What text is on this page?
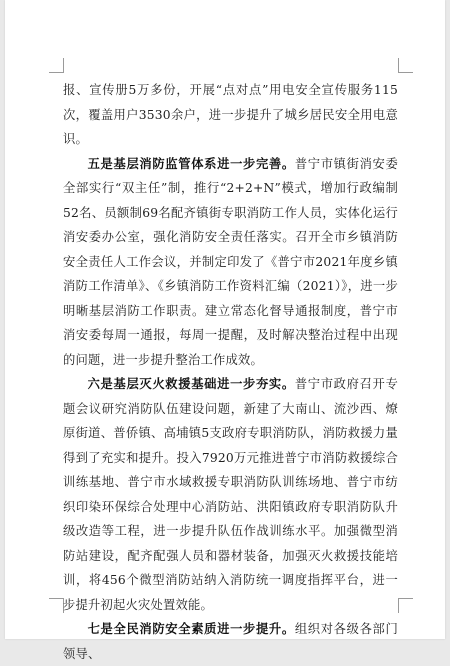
报、宣传册5万多份，开展“点对点”用电安全宣传服务115次，覆盖用户3530余户，进一步提升了城乡居民安全用电意识。

五是基层消防监管体系进一步完善。普宁市镇街消安委全部实行“双主任”制，推行“2+2+N”模式，增加行政编制52名、员额制69名配齐镇街专职消防工作人员，实体化运行消安委办公室，强化消防安全责任落实。召开全市乡镇消防安全责任人工作会议，并制定印发了《普宁市2021年度乡镇消防工作清单》、《乡镇消防工作资料汇编（2021）》，进一步明晰基层消防工作职责。建立常态化督导通报制度，普宁市消安委每周一通报，每周一提醒，及时解决整治过程中出现的问题，进一步提升整治工作成效。

六是基层灭火救援基础进一步夯实。普宁市政府召开专题会议研究消防队伍建设问题，新建了大南山、流沙西、燎原街道、普侨镇、高埔镇5支政府专职消防队，消防救援力量得到了充实和提升。投入7920万元推进普宁市消防救援综合训练基地、普宁市水域救援专职消防队训练场地、普宁市纺织印染环保综合处理中心消防站、洪阳镇政府专职消防队升级改造等工程，进一步提升队伍作战训练水平。加强微型消防站建设，配齐配强人员和器材装备，加强灭火救援技能培训，将456个微型消防站纳入消防统一调度指挥平台，进一步提升初起火灾处置效能。

七是全民消防安全素质进一步提升。组织对各级各部门领导、
